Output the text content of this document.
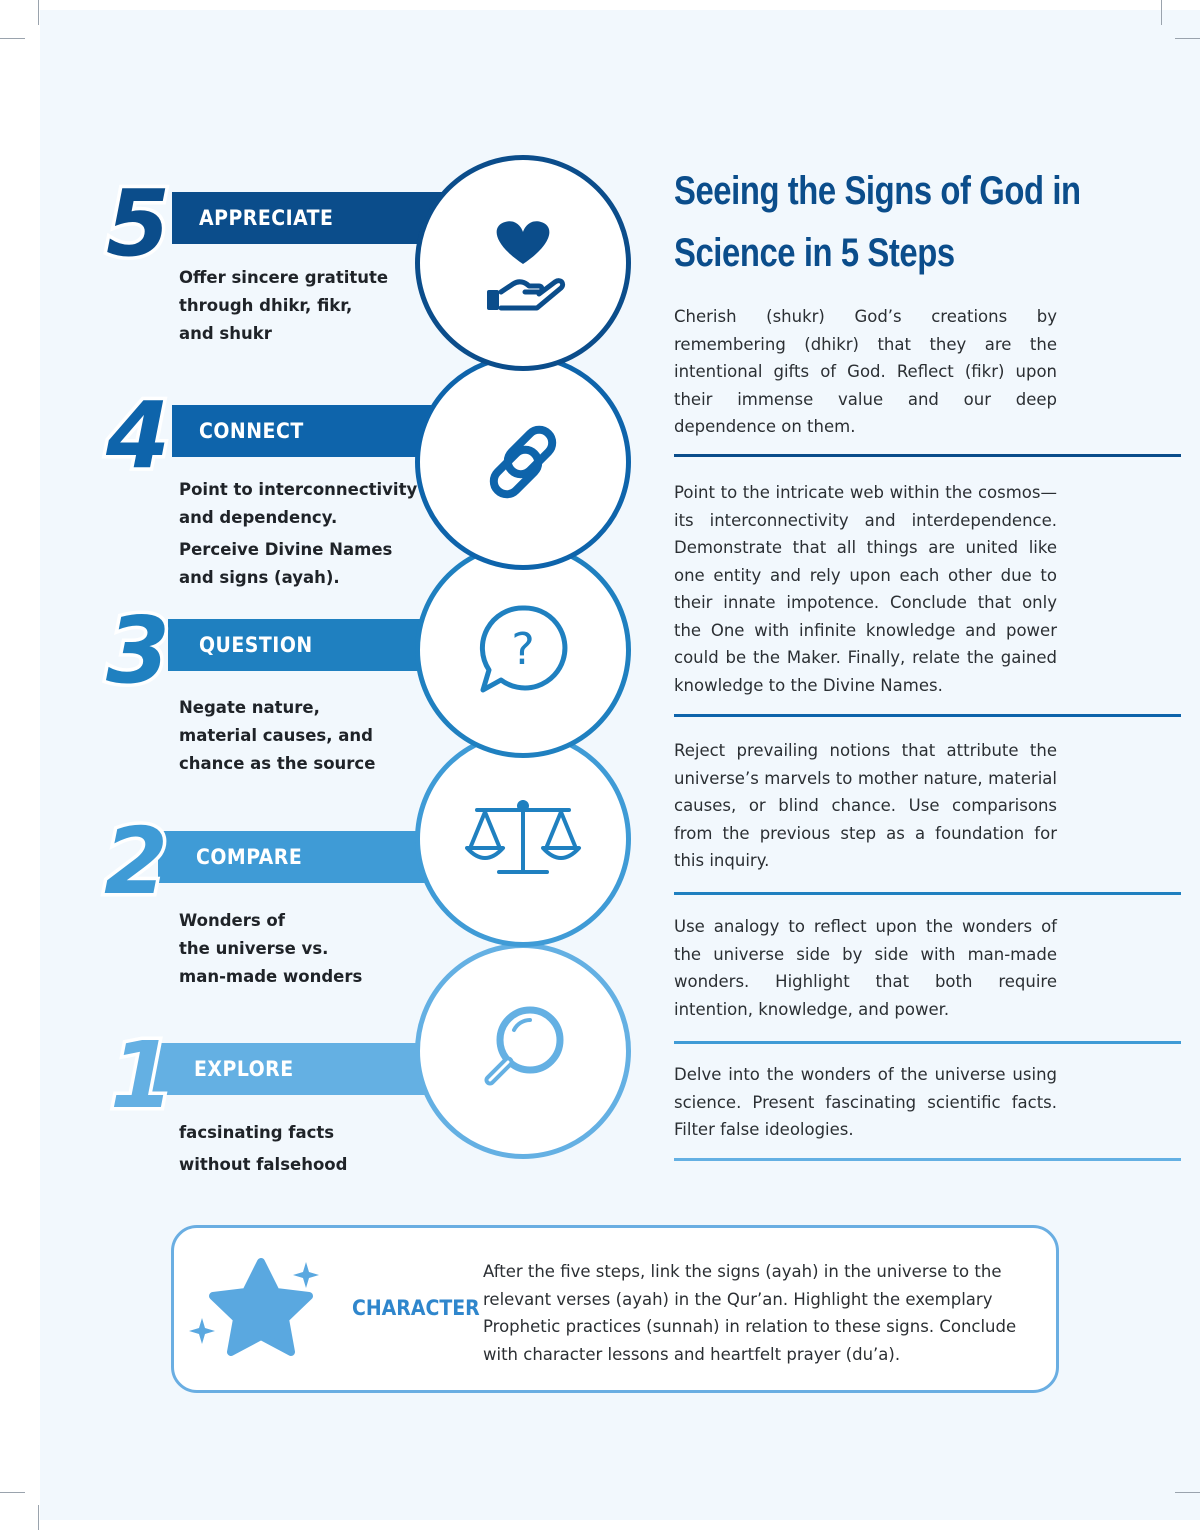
?
5
4
3
2
1
APPRECIATE
CONNECT
QUESTION
COMPARE
EXPLORE
Offer sincere gratitute
through dhikr, fikr,
and shukr
Point to interconnectivity
and dependency.
Perceive Divine Names
and signs (ayah).
Negate nature,
material causes, and
chance as the source
Wonders of
the universe vs.
man-made wonders
facsinating facts
without falsehood
Seeing the Signs of God in
Science in 5 Steps
Cherish (shukr) God’s creations by remembering (dhikr) that they are the intentional gifts of God. Reflect (fikr) upon their immense value and our deep dependence on them.
Point to the intricate web within the cosmos—its interconnectivity and interdependence. Demonstrate that all things are united like one entity and rely upon each other due to their innate impotence. Conclude that only the One with infinite knowledge and power could be the Maker. Finally, relate the gained knowledge to the Divine Names.
Reject prevailing notions that attribute the universe’s marvels to mother nature, material causes, or blind chance. Use comparisons from the previous step as a foundation for this inquiry.
Use analogy to reflect upon the wonders of the universe side by side with man-made wonders. Highlight that both require intention, knowledge, and power.
Delve into the wonders of the universe using science. Present fascinating scientific facts. Filter false ideologies.
CHARACTER
After the five steps, link the signs (ayah) in the universe to the relevant verses (ayah) in the Qur’an. Highlight the exemplary Prophetic practices (sunnah) in relation to these signs. Conclude with character lessons and heartfelt prayer (du’a).
